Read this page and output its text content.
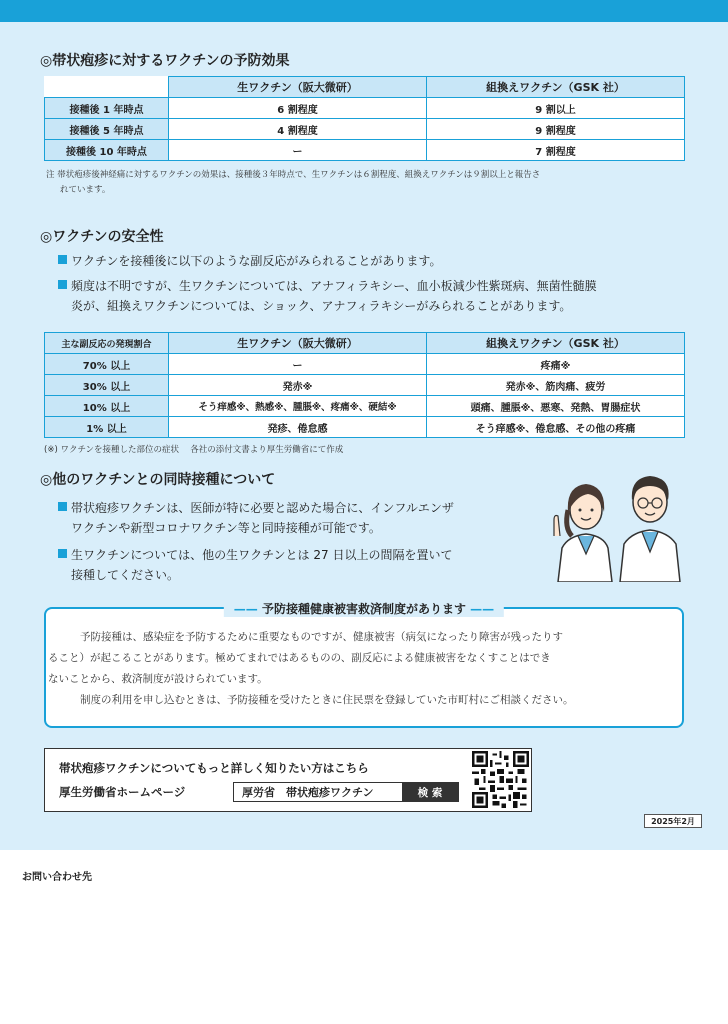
◎帯状疱疹に対するワクチンの予防効果
	生ワクチン（阪大微研）	組換えワクチン（GSK 社）
接種後 1 年時点	6 割程度	9 割以上
接種後 5 年時点	4 割程度	9 割程度
接種後 10 年時点	ー	7 割程度
注 帯状疱疹後神経痛に対するワクチンの効果は、接種後３年時点で、生ワクチンは６割程度、組換えワクチンは９割以上と報告さ
れています。
◎ワクチンの安全性
ワクチンを接種後に以下のような副反応がみられることがあります。
頻度は不明ですが、生ワクチンについては、アナフィラキシー、血小板減少性紫斑病、無菌性髄膜
炎が、組換えワクチンについては、ショック、アナフィラキシーがみられることがあります。
主な副反応の発現割合	生ワクチン（阪大微研）	組換えワクチン（GSK 社）
70% 以上	ー	疼痛※
30% 以上	発赤※	発赤※、筋肉痛、疲労
10% 以上	そう痒感※、熱感※、腫脹※、疼痛※、硬結※	頭痛、腫脹※、悪寒、発熱、胃腸症状
1% 以上	発疹、倦怠感	そう痒感※、倦怠感、その他の疼痛
(※) ワクチンを接種した部位の症状　 各社の添付文書より厚生労働省にて作成
◎他のワクチンとの同時接種について
帯状疱疹ワクチンは、医師が特に必要と認めた場合に、インフルエンザ
ワクチンや新型コロナワクチン等と同時接種が可能です。
生ワクチンについては、他の生ワクチンとは 27 日以上の間隔を置いて
接種してください。
—— 予防接種健康被害救済制度があります ——

予防接種は、感染症を予防するために重要なものですが、健康被害（病気になったり障害が残ったりす
ること）が起こることがあります。極めてまれではあるものの、副反応による健康被害をなくすことはでき
ないことから、救済制度が設けられています。

制度の利用を申し込むときは、予防接種を受けたときに住民票を登録していた市町村にご相談ください。

帯状疱疹ワクチンについてもっと詳しく知りたい方はこちら
厚生労働省ホームページ	厚労省　帯状疱疹ワクチン	検 索
2025年2月
お問い合わせ先
